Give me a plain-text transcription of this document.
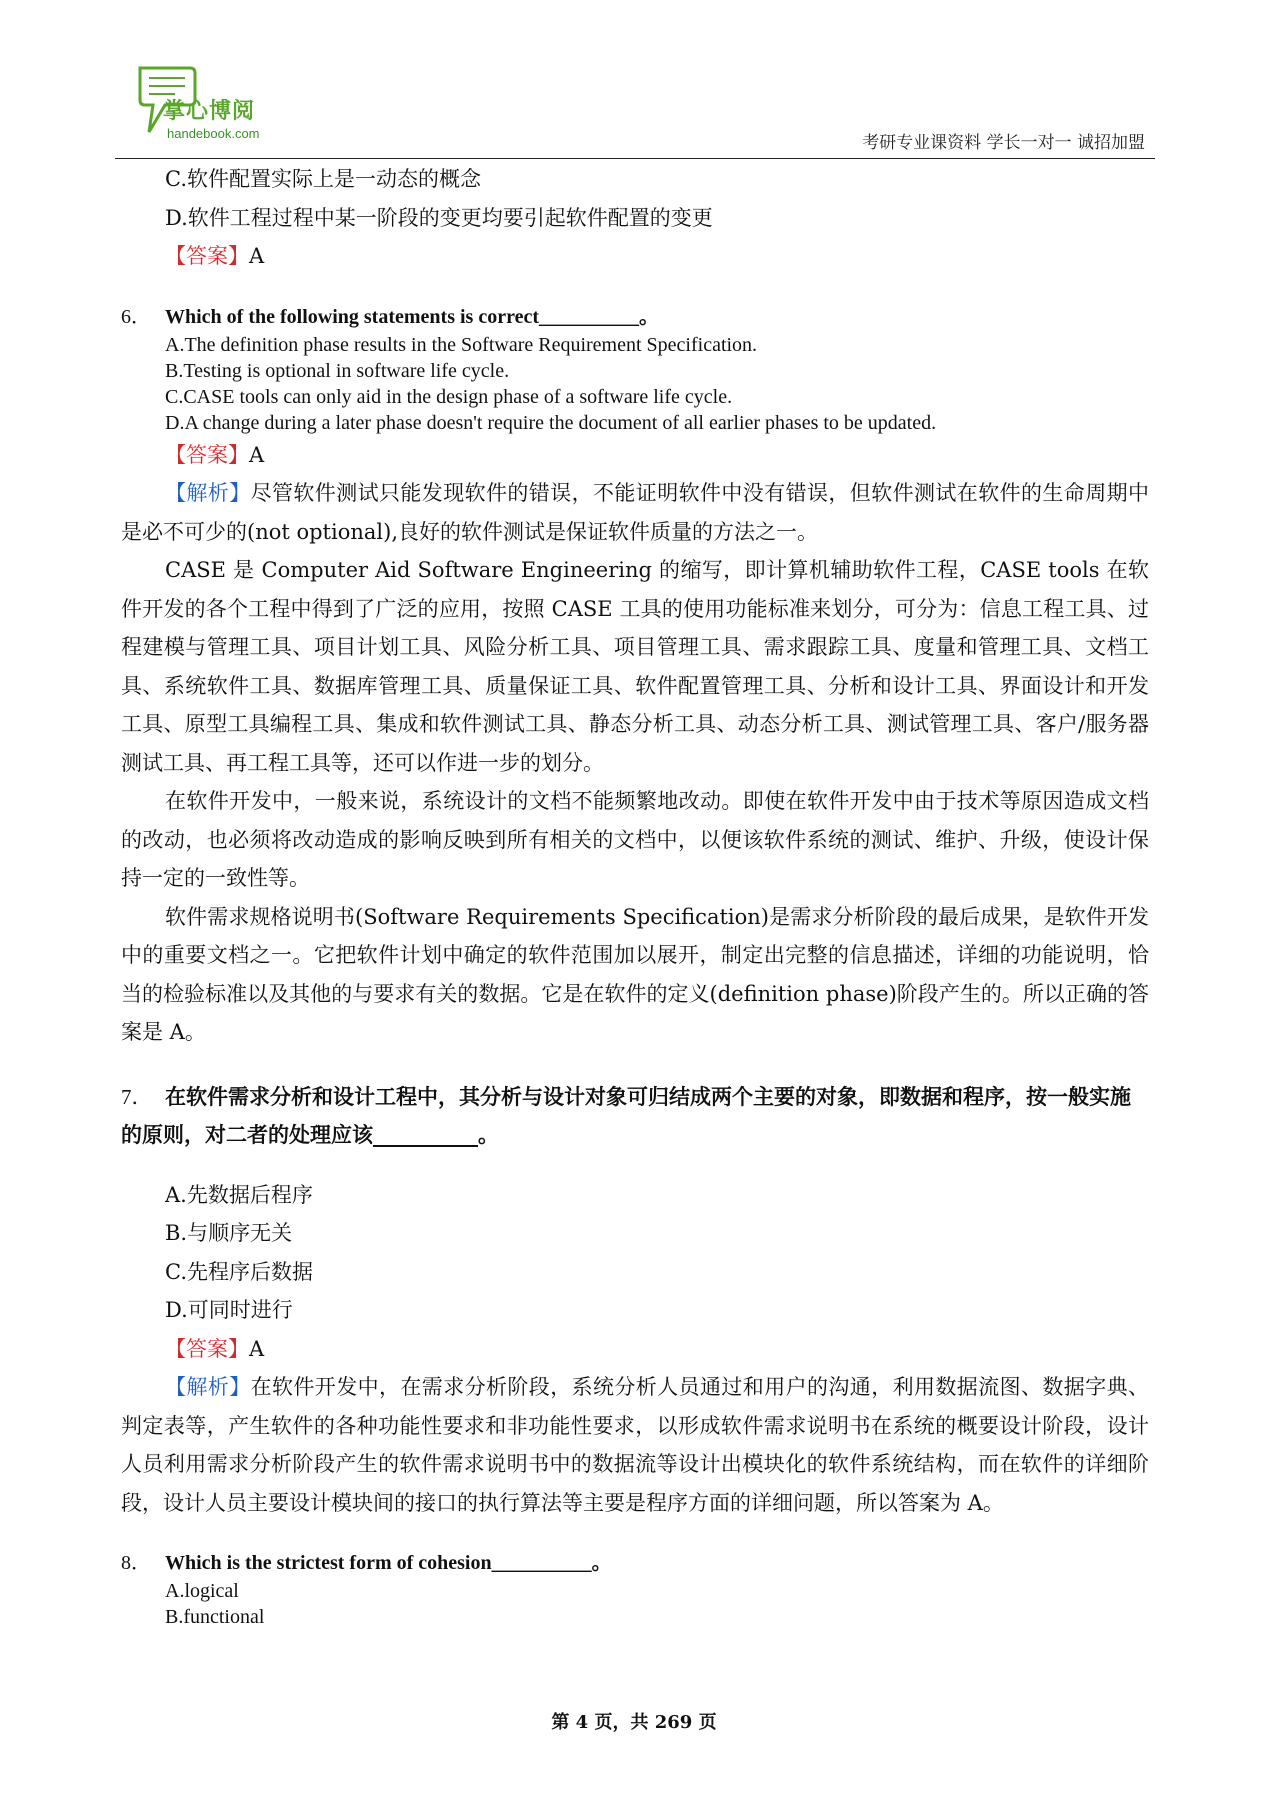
掌心博阅
handebook.com	考研专业课资料 学长一对一 诚招加盟

C.软件配置实际上是一动态的概念

D.软件工程过程中某一阶段的变更均要引起软件配置的变更

【答案】A

6． Which of the following statements is correct__________。
A.The definition phase results in the Software Requirement Specification.
B.Testing is optional in software life cycle.
C.CASE tools can only aid in the design phase of a software life cycle.
D.A change during a later phase doesn't require the document of all earlier phases to be updated.

【答案】A

【解析】尽管软件测试只能发现软件的错误，不能证明软件中没有错误，但软件测试在软件的生命周期中是必不可少的(not optional),良好的软件测试是保证软件质量的方法之一。

CASE 是 Computer Aid Software Engineering 的缩写，即计算机辅助软件工程，CASE tools 在软件开发的各个工程中得到了广泛的应用，按照 CASE 工具的使用功能标准来划分，可分为：信息工程工具、过程建模与管理工具、项目计划工具、风险分析工具、项目管理工具、需求跟踪工具、度量和管理工具、文档工具、系统软件工具、数据库管理工具、质量保证工具、软件配置管理工具、分析和设计工具、界面设计和开发工具、原型工具编程工具、集成和软件测试工具、静态分析工具、动态分析工具、测试管理工具、客户/服务器测试工具、再工程工具等，还可以作进一步的划分。

在软件开发中，一般来说，系统设计的文档不能频繁地改动。即使在软件开发中由于技术等原因造成文档的改动，也必须将改动造成的影响反映到所有相关的文档中，以便该软件系统的测试、维护、升级，使设计保持一定的一致性等。

软件需求规格说明书(Software Requirements Specification)是需求分析阶段的最后成果，是软件开发中的重要文档之一。它把软件计划中确定的软件范围加以展开，制定出完整的信息描述，详细的功能说明，恰当的检验标准以及其他的与要求有关的数据。它是在软件的定义(definition phase)阶段产生的。所以正确的答案是 A。

7． 在软件需求分析和设计工程中，其分析与设计对象可归结成两个主要的对象，即数据和程序，按一般实施的原则，对二者的处理应该__________。

A.先数据后程序

B.与顺序无关

C.先程序后数据

D.可同时进行

【答案】A

【解析】在软件开发中，在需求分析阶段，系统分析人员通过和用户的沟通，利用数据流图、数据字典、判定表等，产生软件的各种功能性要求和非功能性要求，以形成软件需求说明书在系统的概要设计阶段，设计人员利用需求分析阶段产生的软件需求说明书中的数据流等设计出模块化的软件系统结构，而在软件的详细阶段，设计人员主要设计模块间的接口的执行算法等主要是程序方面的详细问题，所以答案为 A。

8． Which is the strictest form of cohesion__________。
A.logical
B.functional
第 4 页，共 269 页
